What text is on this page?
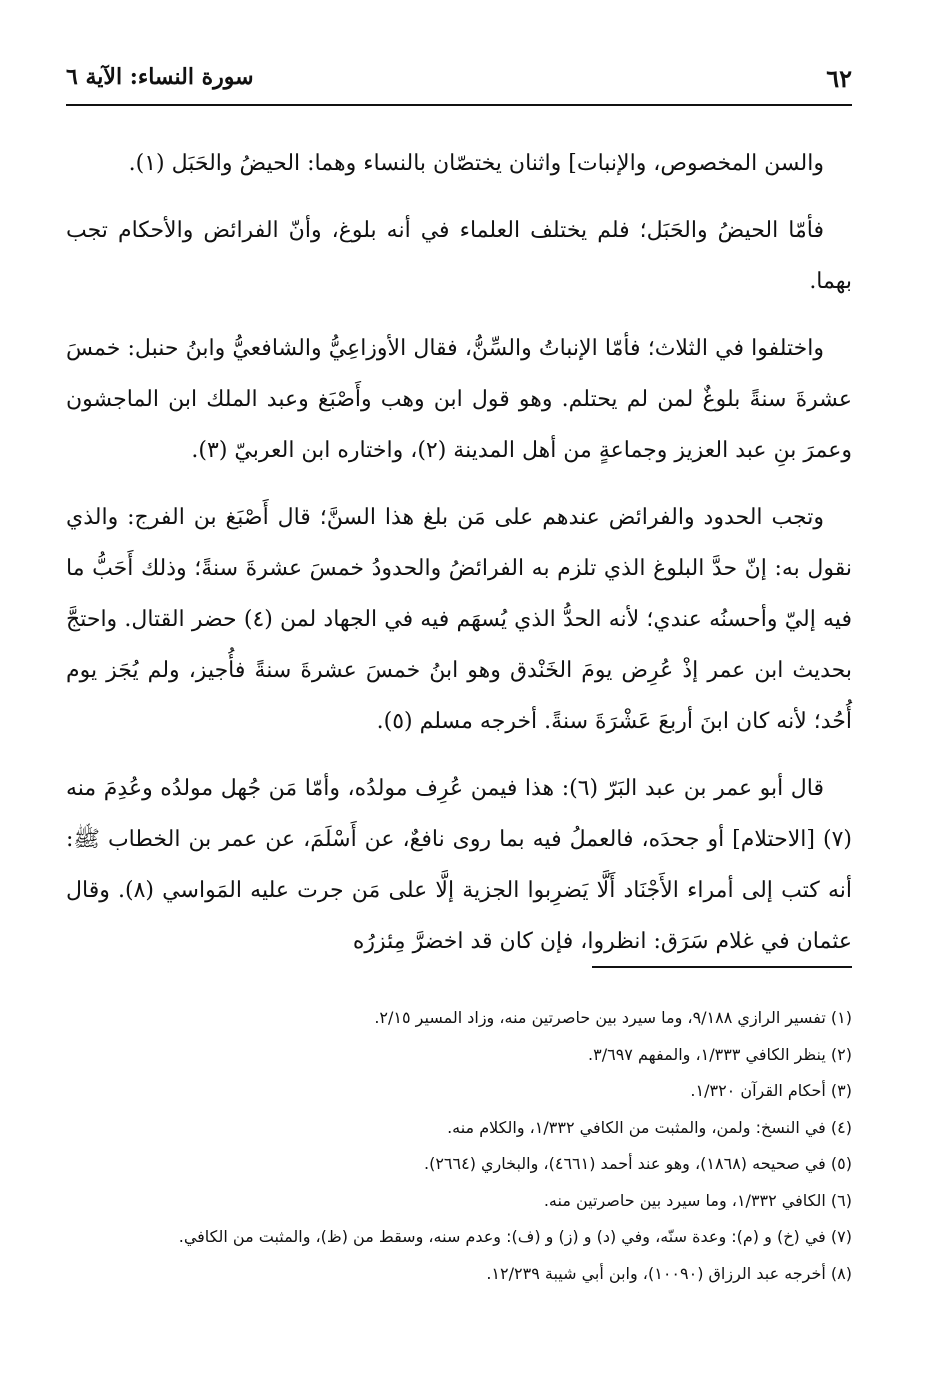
٦٢
سورة النساء: الآية ٦

والسن المخصوص، والإنبات] واثنان يختصّان بالنساء وهما: الحيضُ والحَبَل (١).

فأمّا الحيضُ والحَبَل؛ فلم يختلف العلماء في أنه بلوغ، وأنّ الفرائض والأحكام تجب بهما.

واختلفوا في الثلاث؛ فأمّا الإنباتُ والسِّنُّ، فقال الأوزاعِيُّ والشافعيُّ وابنُ حنبل: خمسَ عشرةَ سنةً بلوغٌ لمن لم يحتلم. وهو قول ابن وهب وأَصْبَغ وعبد الملك ابن الماجشون وعمرَ بنِ عبد العزيز وجماعةٍ من أهل المدينة (٢)، واختاره ابن العربيّ (٣).

وتجب الحدود والفرائض عندهم على مَن بلغ هذا السنَّ؛ قال أَصْبَغ بن الفرج: والذي نقول به: إنّ حدَّ البلوغ الذي تلزم به الفرائضُ والحدودُ خمسَ عشرةَ سنةً؛ وذلك أَحَبُّ ما فيه إليّ وأحسنُه عندي؛ لأنه الحدُّ الذي يُسهَم فيه في الجهاد لمن (٤) حضر القتال. واحتجَّ بحديث ابن عمر إذْ عُرِض يومَ الخَنْدق وهو ابنُ خمسَ عشرةَ سنةً فأُجيز، ولم يُجَز يوم أُحُد؛ لأنه كان ابنَ أربعَ عَشْرَةَ سنةً. أخرجه مسلم (٥).

قال أبو عمر بن عبد البَرّ (٦): هذا فيمن عُرِف مولدُه، وأمّا مَن جُهل مولدُه وعُدِمَ منه (٧) [الاحتلام] أو جحدَه، فالعملُ فيه بما روى نافعٌ، عن أَسْلَمَ، عن عمر بن الخطاب ﷺ: أنه كتب إلى أمراء الأَجْنَاد أَلَّا يَضرِبوا الجزية إلَّا على مَن جرت عليه المَواسي (٨). وقال عثمان في غلام سَرَق: انظروا، فإن كان قد اخضرَّ مِئزرُه

(١) تفسير الرازي ٩/١٨٨، وما سيرد بين حاصرتين منه، وزاد المسير ٢/١٥.
(٢) ينظر الكافي ١/٣٣٣، والمفهم ٣/٦٩٧.
(٣) أحكام القرآن ١/٣٢٠.
(٤) في النسخ: ولمن، والمثبت من الكافي ١/٣٣٢، والكلام منه.
(٥) في صحيحه (١٨٦٨)، وهو عند أحمد (٤٦٦١)، والبخاري (٢٦٦٤).
(٦) الكافي ١/٣٣٢، وما سيرد بين حاصرتين منه.
(٧) في (خ) و (م): وعدة سنّه، وفي (د) و (ز) و (ف): وعدم سنه، وسقط من (ظ)، والمثبت من الكافي.
(٨) أخرجه عبد الرزاق (١٠٠٩٠)، وابن أبي شيبة ١٢/٢٣٩.
